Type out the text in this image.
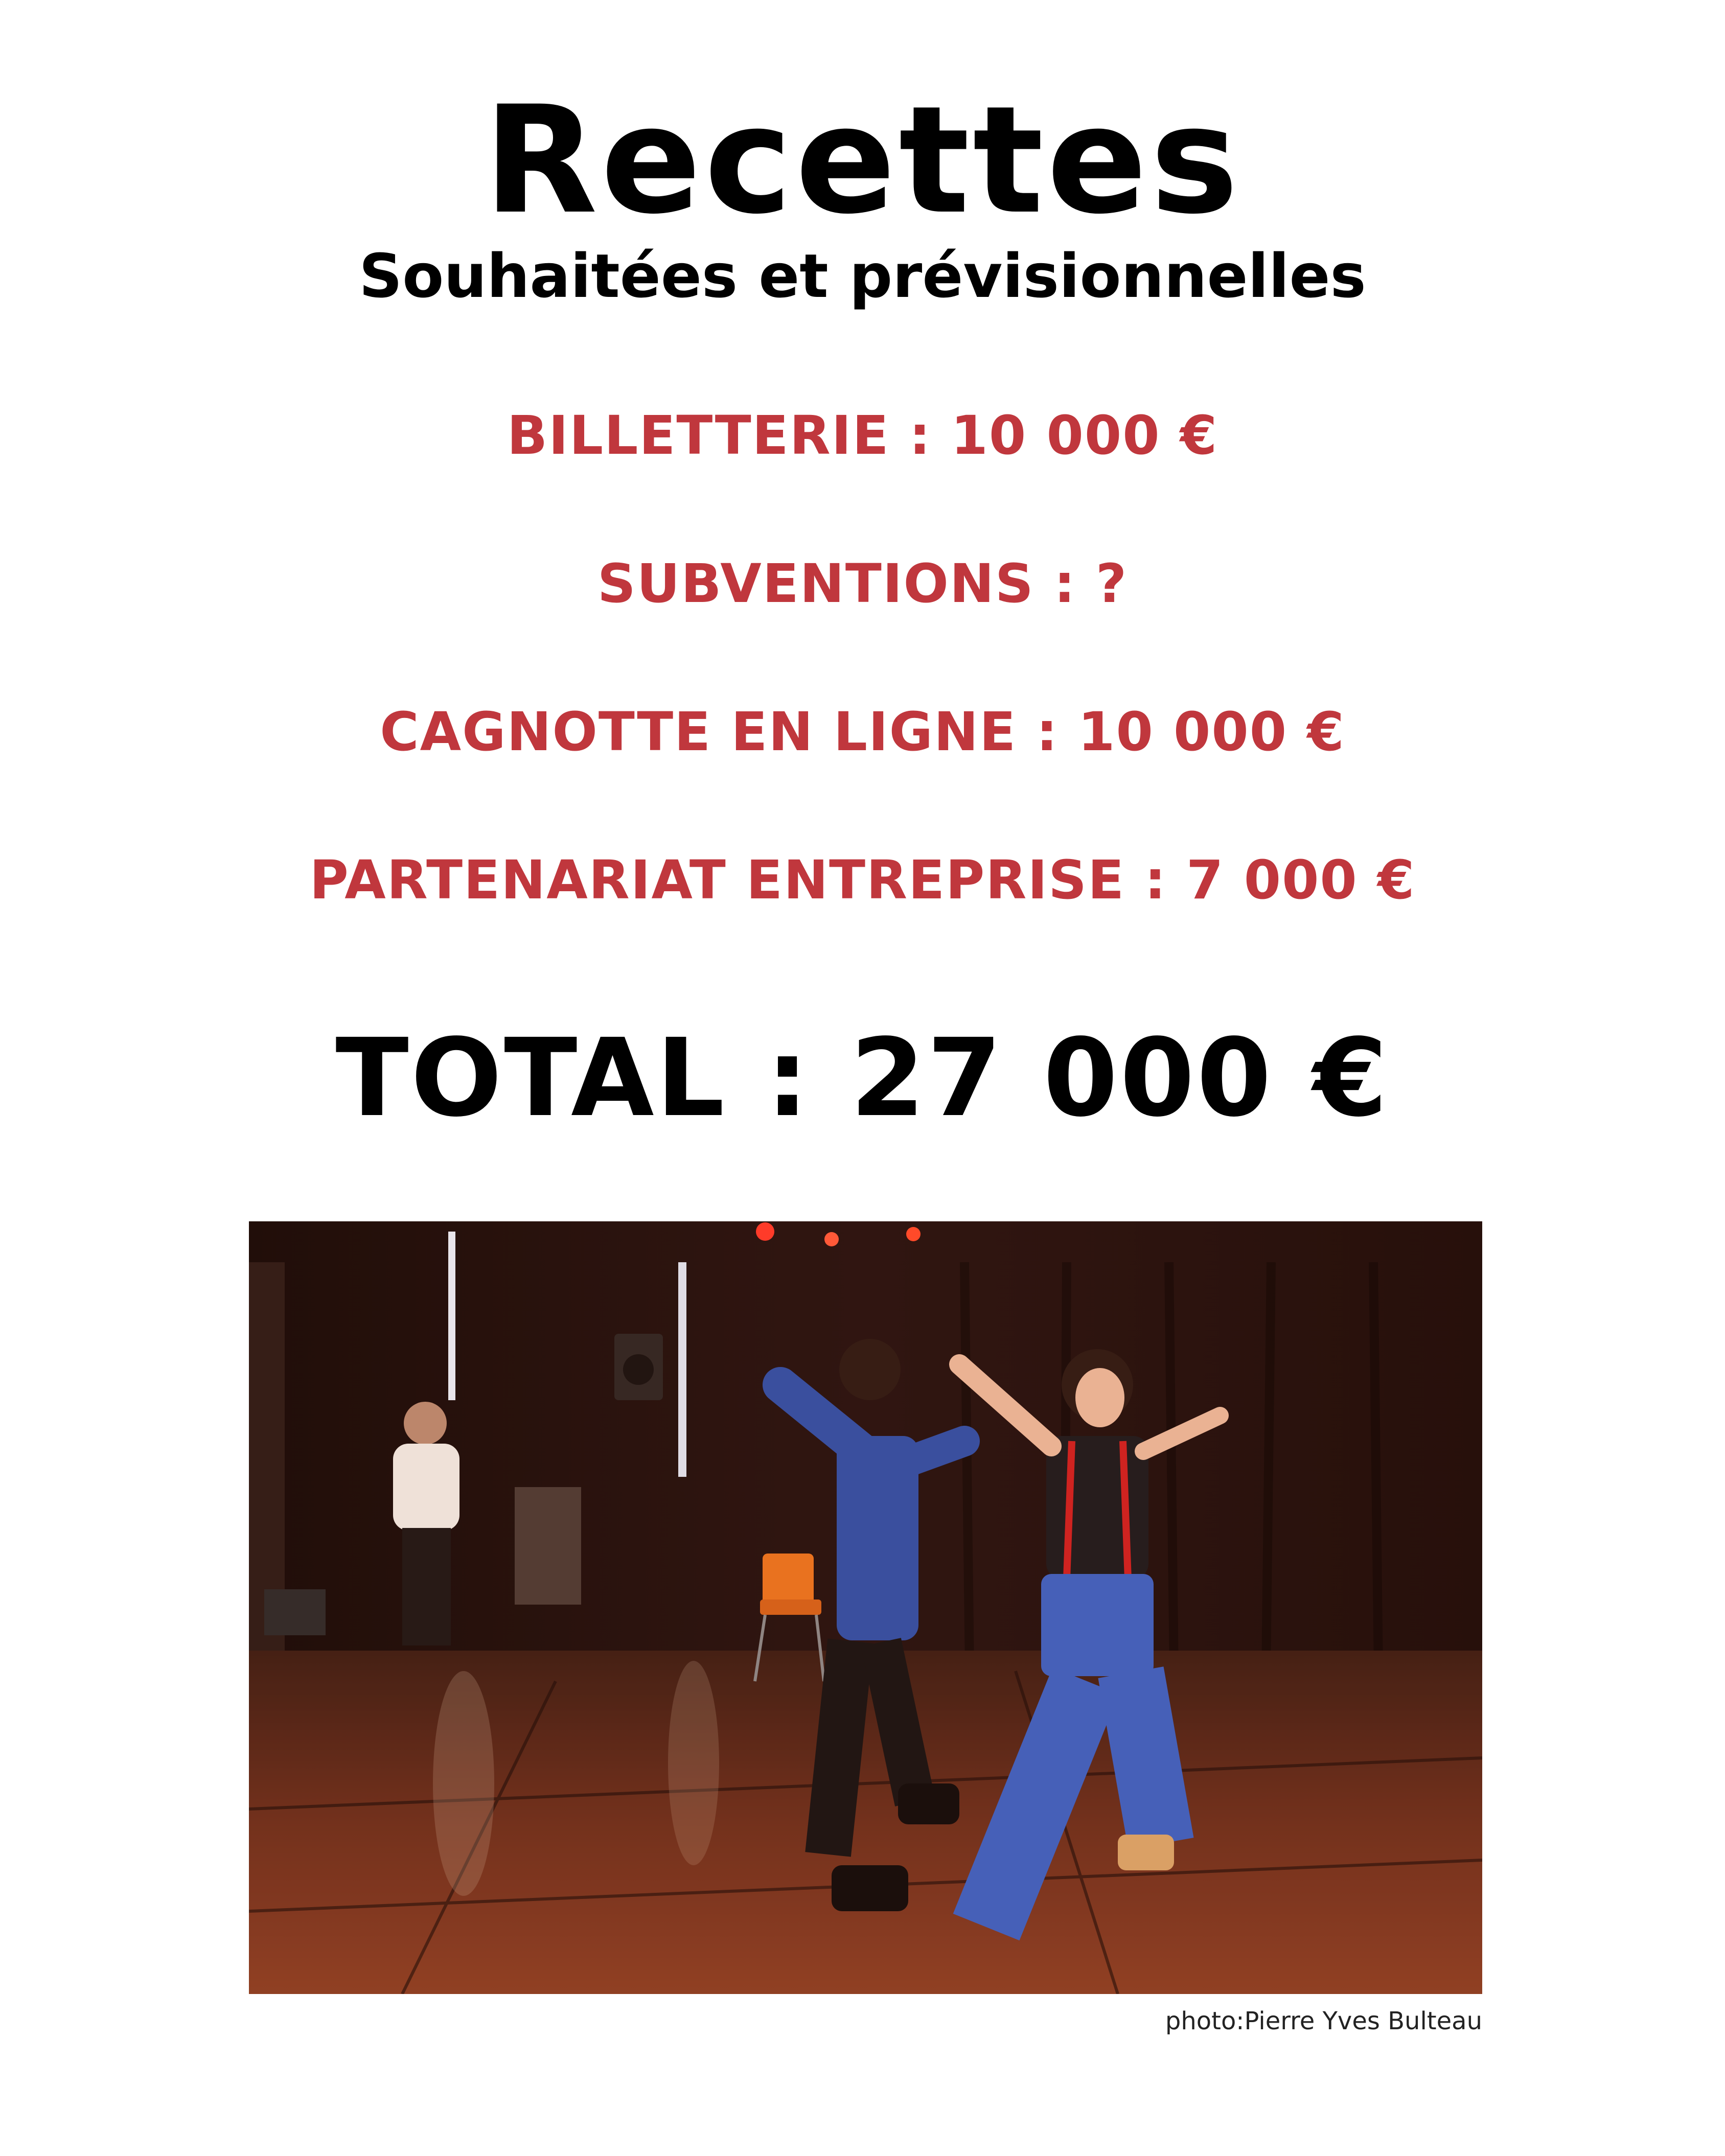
Recettes
Souhaitées et prévisionnelles
BILLETTERIE : 10 000 €
SUBVENTIONS : ?
CAGNOTTE EN LIGNE : 10 000 €
PARTENARIAT ENTREPRISE : 7 000 €
TOTAL : 27 000 €
photo:Pierre Yves Bulteau
